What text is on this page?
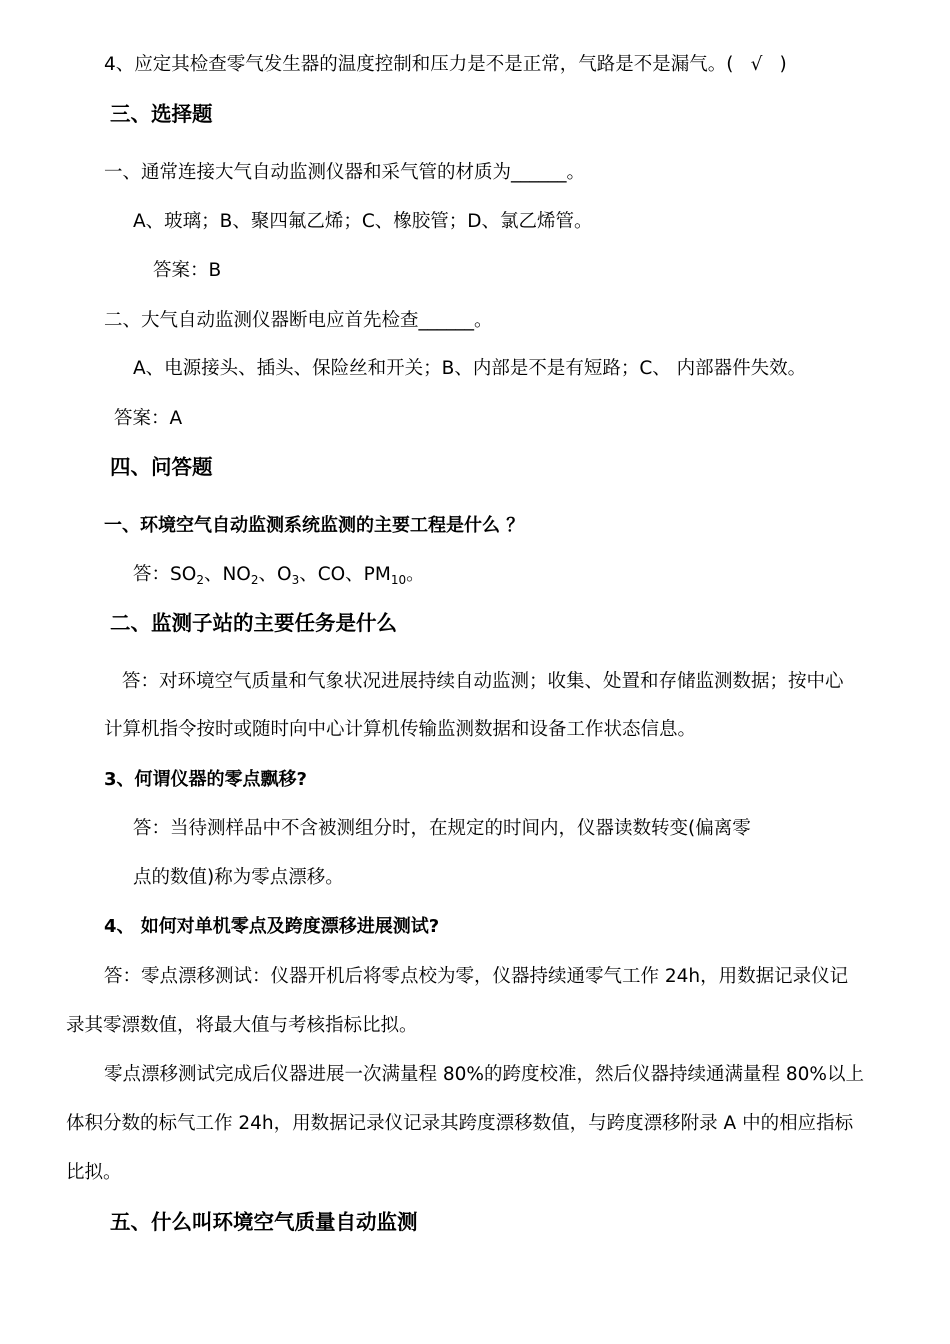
4、应定其检查零气发生器的温度控制和压力是不是正常，气路是不是漏气。( √ )
三、选择题
一、通常连接大气自动监测仪器和采气管的材质为______。
A、玻璃；B、聚四氟乙烯；C、橡胶管；D、氯乙烯管。
答案：B
二、大气自动监测仪器断电应首先检查______。
A、电源接头、插头、保险丝和开关；B、内部是不是有短路；C、 内部器件失效。
答案：A
四、问答题
一、环境空气自动监测系统监测的主要工程是什么 ？
答：$SO_2$、$NO_2$、$O_3$、CO、$PM_{10}$。
二、监测子站的主要任务是什么
答：对环境空气质量和气象状况进展持续自动监测；收集、处置和存储监测数据；按中心
计算机指令按时或随时向中心计算机传输监测数据和设备工作状态信息。
3、何谓仪器的零点飘移?
答：当待测样品中不含被测组分时，在规定的时间内，仪器读数转变(偏离零
点的数值)称为零点漂移。
4、 如何对单机零点及跨度漂移进展测试?
答：零点漂移测试：仪器开机后将零点校为零，仪器持续通零气工作 24h，用数据记录仪记
录其零漂数值，将最大值与考核指标比拟。
零点漂移测试完成后仪器进展一次满量程 80%的跨度校准，然后仪器持续通满量程 80%以上
体积分数的标气工作 24h，用数据记录仪记录其跨度漂移数值，与跨度漂移附录 A 中的相应指标
比拟。
五、什么叫环境空气质量自动监测
